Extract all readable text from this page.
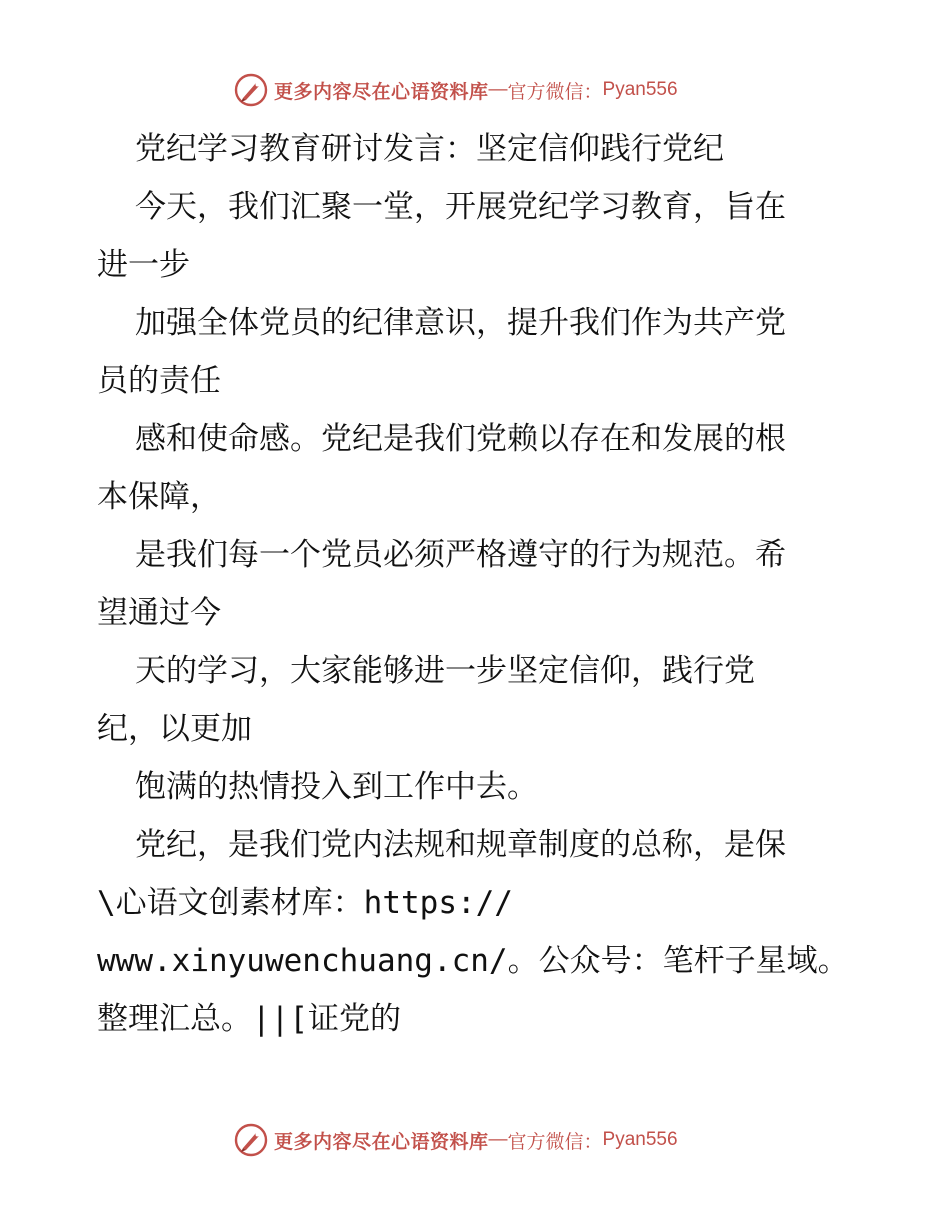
更多内容尽在心语资料库 — 官方微信： Pyan556
党纪学习教育研讨发言：坚定信仰践行党纪
今天，我们汇聚一堂，开展党纪学习教育，旨在
进一步
加强全体党员的纪律意识，提升我们作为共产党
员的责任
感和使命感。党纪是我们党赖以存在和发展的根
本保障，
是我们每一个党员必须严格遵守的行为规范。希
望通过今
天的学习，大家能够进一步坚定信仰，践行党
纪，以更加
饱满的热情投入到工作中去。
党纪，是我们党内法规和规章制度的总称，是保
\心语文创素材库：https://
www.xinyuwenchuang.cn/。公众号：笔杆子星域。
整理汇总。||[证党的
更多内容尽在心语资料库 — 官方微信： Pyan556
